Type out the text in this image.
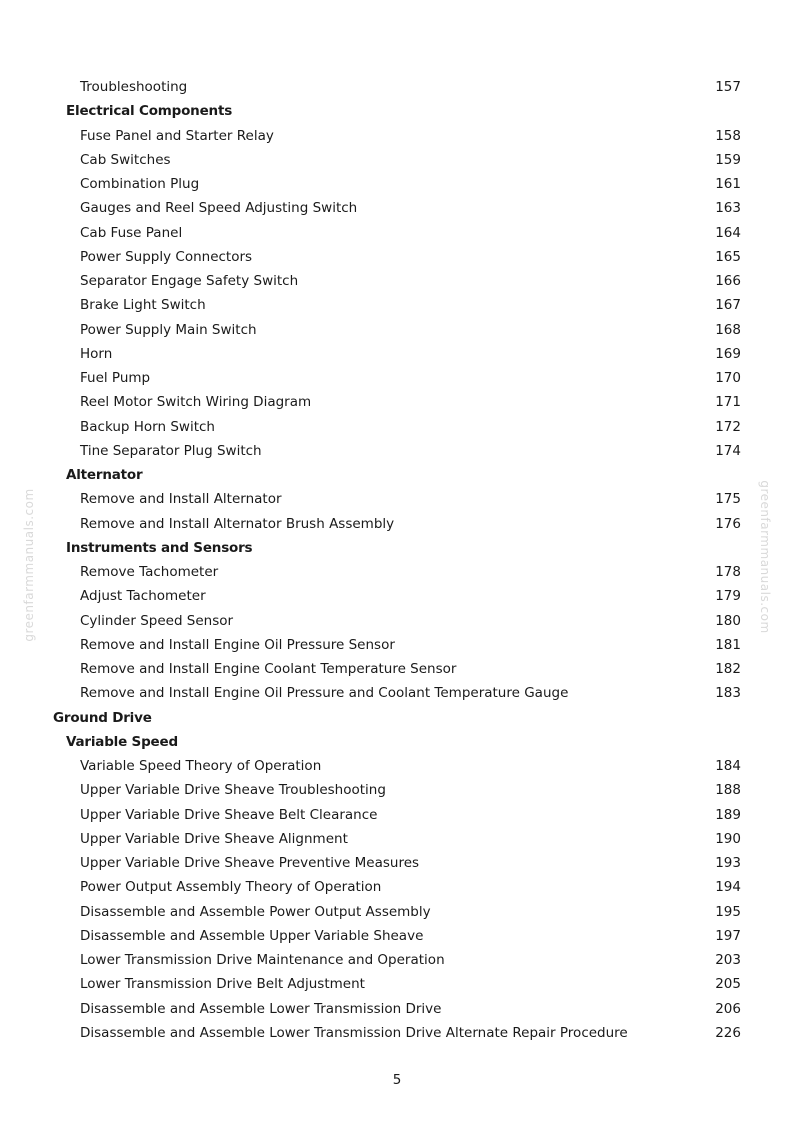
Troubleshooting	157
Electrical Components
Fuse Panel and Starter Relay	158
Cab Switches	159
Combination Plug	161
Gauges and Reel Speed Adjusting Switch	163
Cab Fuse Panel	164
Power Supply Connectors	165
Separator Engage Safety Switch	166
Brake Light Switch	167
Power Supply Main Switch	168
Horn	169
Fuel Pump	170
Reel Motor Switch Wiring Diagram	171
Backup Horn Switch	172
Tine Separator Plug Switch	174
Alternator
Remove and Install Alternator	175
Remove and Install Alternator Brush Assembly	176
Instruments and Sensors
Remove Tachometer	178
Adjust Tachometer	179
Cylinder Speed Sensor	180
Remove and Install Engine Oil Pressure Sensor	181
Remove and Install Engine Coolant Temperature Sensor	182
Remove and Install Engine Oil Pressure and Coolant Temperature Gauge	183
Ground Drive
Variable Speed
Variable Speed Theory of Operation	184
Upper Variable Drive Sheave Troubleshooting	188
Upper Variable Drive Sheave Belt Clearance	189
Upper Variable Drive Sheave Alignment	190
Upper Variable Drive Sheave Preventive Measures	193
Power Output Assembly Theory of Operation	194
Disassemble and Assemble Power Output Assembly	195
Disassemble and Assemble Upper Variable Sheave	197
Lower Transmission Drive Maintenance and Operation	203
Lower Transmission Drive Belt Adjustment	205
Disassemble and Assemble Lower Transmission Drive	206
Disassemble and Assemble Lower Transmission Drive Alternate Repair Procedure	226
5
greenfarmmanuals.com	greenfarmmanuals.com
